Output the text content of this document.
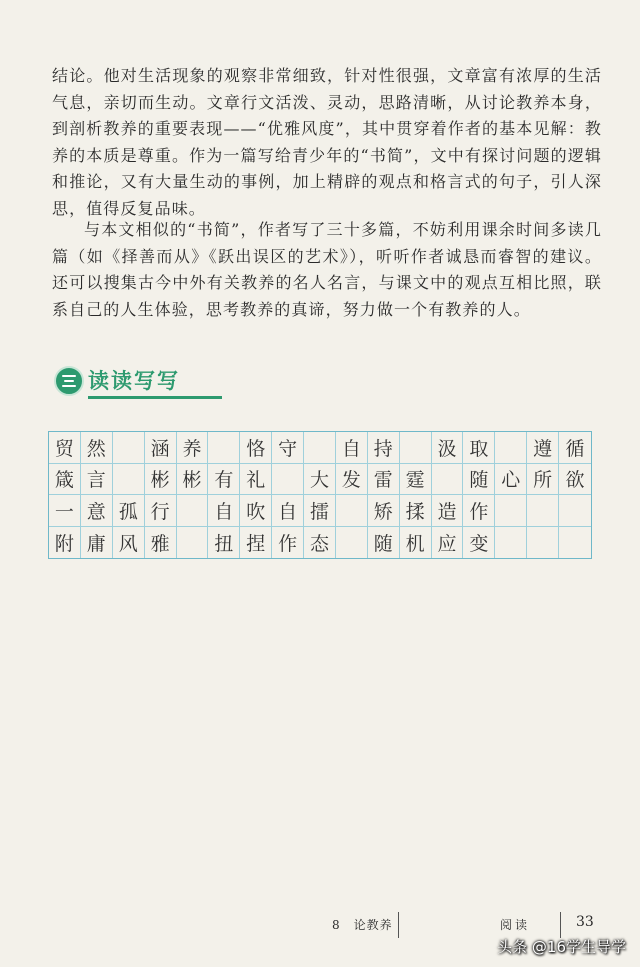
结论。他对生活现象的观察非常细致，针对性很强，文章富有浓厚的生活气息，亲切而生动。文章行文活泼、灵动，思路清晰，从讨论教养本身，到剖析教养的重要表现——“优雅风度”，其中贯穿着作者的基本见解：教养的本质是尊重。作为一篇写给青少年的“书简”，文中有探讨问题的逻辑和推论，又有大量生动的事例，加上精辟的观点和格言式的句子，引人深思，值得反复品味。

与本文相似的“书简”，作者写了三十多篇，不妨利用课余时间多读几篇（如《择善而从》《跃出误区的艺术》），听听作者诚恳而睿智的建议。还可以搜集古今中外有关教养的名人名言，与课文中的观点互相比照，联系自己的人生体验，思考教养的真谛，努力做一个有教养的人。

读读写写
贸 然	涵 养	恪 守	自 持	汲 取	遵 循
箴 言	彬 彬 有 礼	大 发 雷 霆	随 心 所 欲
一 意 孤 行	自 吹 自 擂	矫 揉 造 作
附 庸 风 雅	扭 捏 作 态	随 机 应 变
8　论教养	阅读	33
头条 @16学生导学
